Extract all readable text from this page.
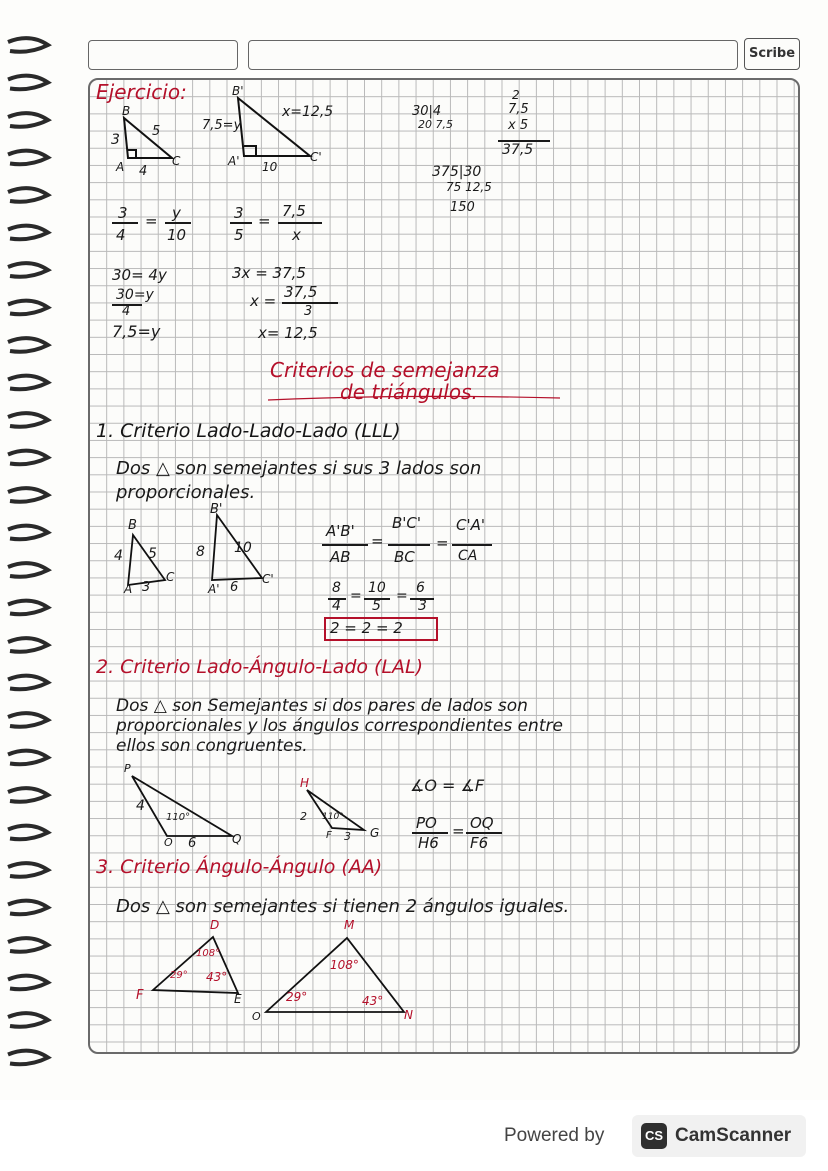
Scribe
Ejercicio:
B
A	C
3
5
4
B'
A'	C'
7,5=y
x=12,5
10
30|4
20 7,5
2
7,5
x 5
37,5
375|30
75 12,5
150
3
4
= y
10
3
5
=
7,5
x
30= 4y
30=y
4
7,5=y
3x = 37,5
x = 37,5
3
x= 12,5
Criterios de semejanza
de triángulos.
1. Criterio Lado-Lado-Lado (LLL)
Dos △ son semejantes si sus 3 lados son
proporcionales.
B
4 5
A 3
C
B'
8 10
A' 6
C'
A'B'
AB
=
B'C'
BC
=
C'A'
CA
8
4
= 10
5
= 6
3
2 = 2 = 2
2. Criterio Lado-Ángulo-Lado (LAL)
Dos △ son Semejantes si dos pares de lados son
proporcionales y los ángulos correspondientes entre
ellos son congruentes.
P
4
110°
O 6	Q
H
2 110°
F 3 G
∡O = ∡F
PO
H6
= OQ
F6
3. Criterio Ángulo-Ángulo (AA)
Dos △ son semejantes si tienen 2 ángulos iguales.
D
108°
29° 43°
F	E
M
108°
29°	43°
O	N
Powered by	CS CamScanner
